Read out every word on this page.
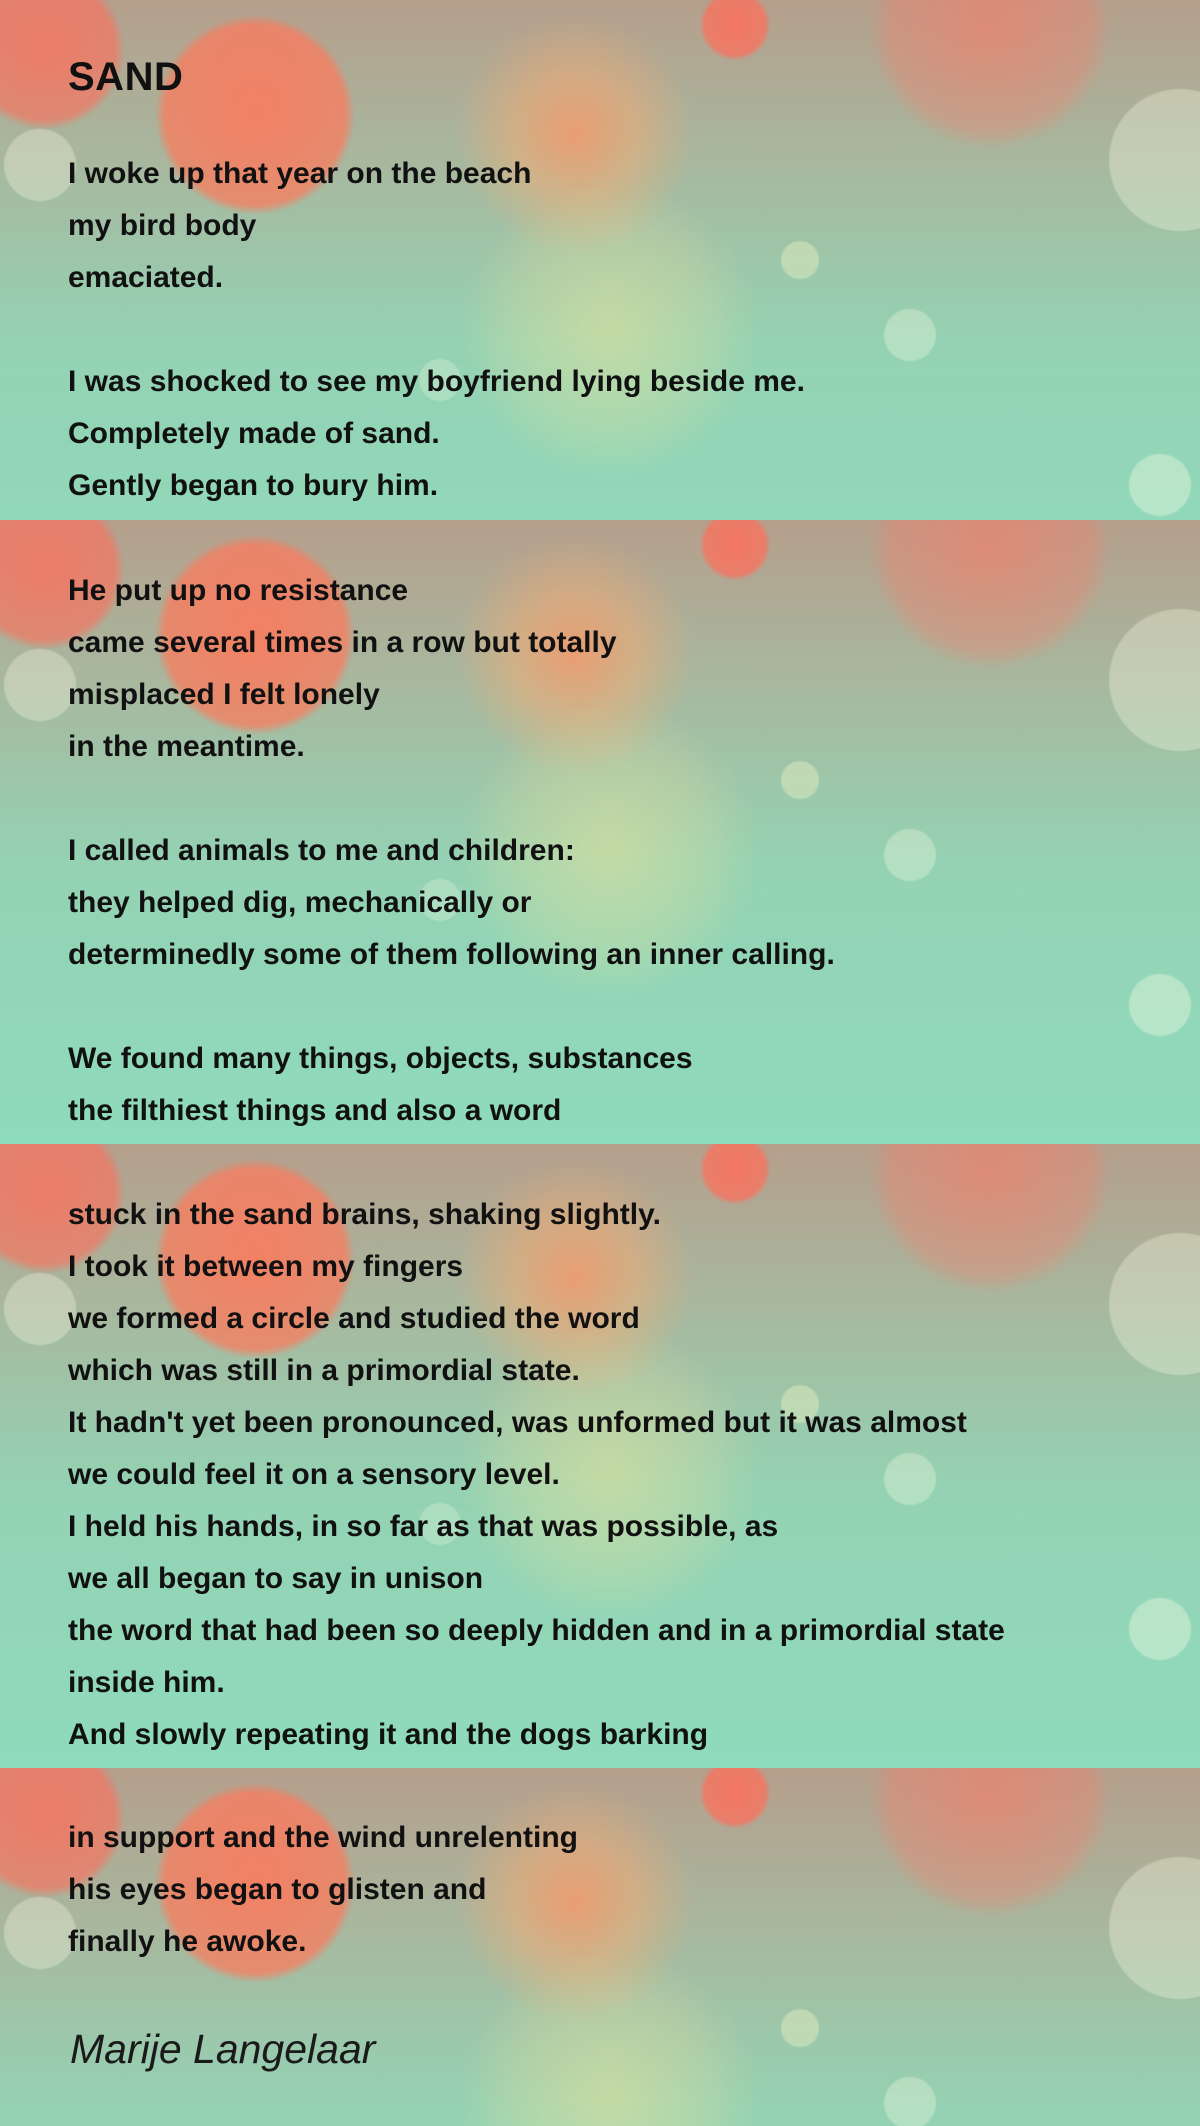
SAND
I woke up that year on the beach
my bird body
emaciated.
I was shocked to see my boyfriend lying beside me.
Completely made of sand.
Gently began to bury him.
He put up no resistance
came several times in a row but totally
misplaced I felt lonely
in the meantime.
I called animals to me and children:
they helped dig, mechanically or
determinedly some of them following an inner calling.
We found many things, objects, substances
the filthiest things and also a word
stuck in the sand brains, shaking slightly.
I took it between my fingers
we formed a circle and studied the word
which was still in a primordial state.
It hadn't yet been pronounced, was unformed but it was almost
we could feel it on a sensory level.
I held his hands, in so far as that was possible, as
we all began to say in unison
the word that had been so deeply hidden and in a primordial state
inside him.
And slowly repeating it and the dogs barking
in support and the wind unrelenting
his eyes began to glisten and
finally he awoke.

Marije Langelaar
